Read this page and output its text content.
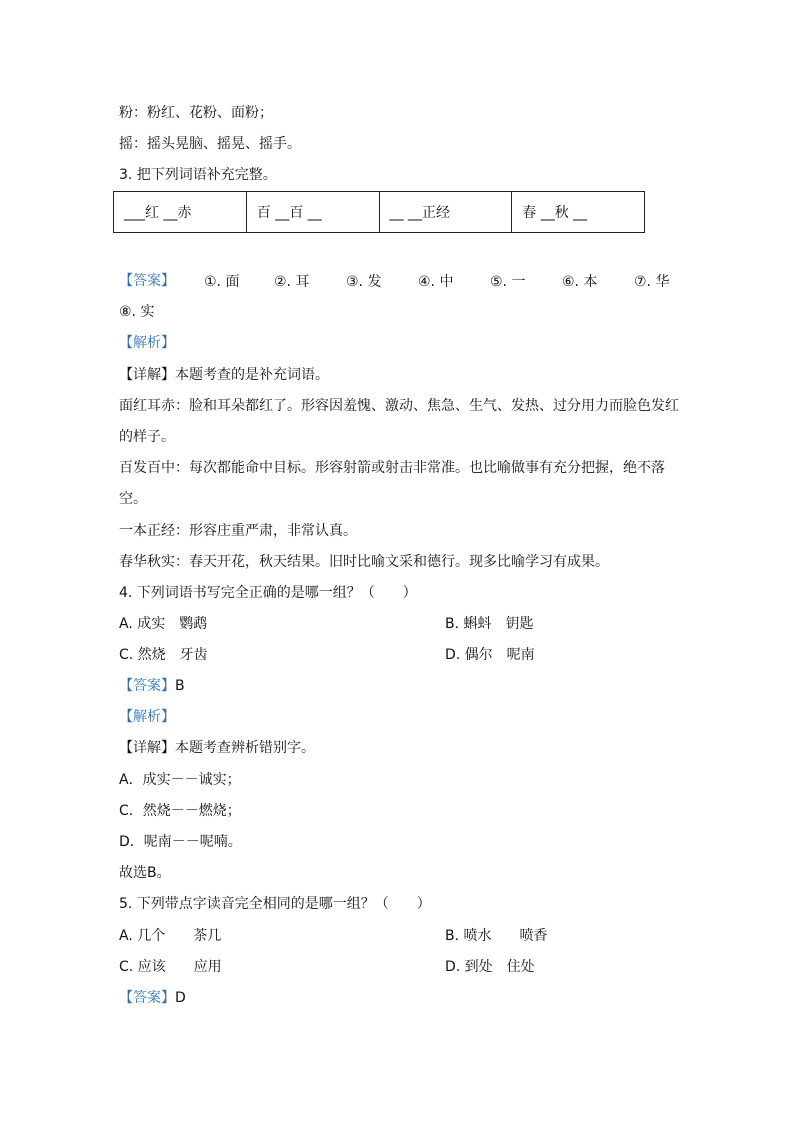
粉：粉红、花粉、面粉；
摇：摇头晃脑、摇晃、摇手。
3. 把下列词语补充完整。
___红 __赤	百 __百 __	__ __正经	春 __秋 __
【答案】 ①. 面 ②. 耳	③. 发	④. 中	⑤. 一	⑥. 本	⑦. 华
⑧. 实
【解析】
【详解】本题考查的是补充词语。
面红耳赤：脸和耳朵都红了。形容因羞愧、激动、焦急、生气、发热、过分用力而脸色发红的样子。
百发百中：每次都能命中目标。形容射箭或射击非常准。也比喻做事有充分把握，绝不落空。
一本正经：形容庄重严肃，非常认真。
春华秋实：春天开花，秋天结果。旧时比喻文采和德行。现多比喻学习有成果。
4. 下列词语书写完全正确的是哪一组？（　　）
A. 成实　鹦鹉	B. 蝌蚪　钥匙
C. 然烧　牙齿	D. 偶尔　呢南
【答案】B
【解析】
【详解】本题考查辨析错别字。
A．成实－－诚实；
C．然烧－－燃烧；
D．呢南－－呢喃。
故选B。
5. 下列带点字读音完全相同的是哪一组？（　　）
A. 几个　　茶几	B. 喷水　　喷香
C. 应该　　应用	D. 到处　住处
【答案】D
